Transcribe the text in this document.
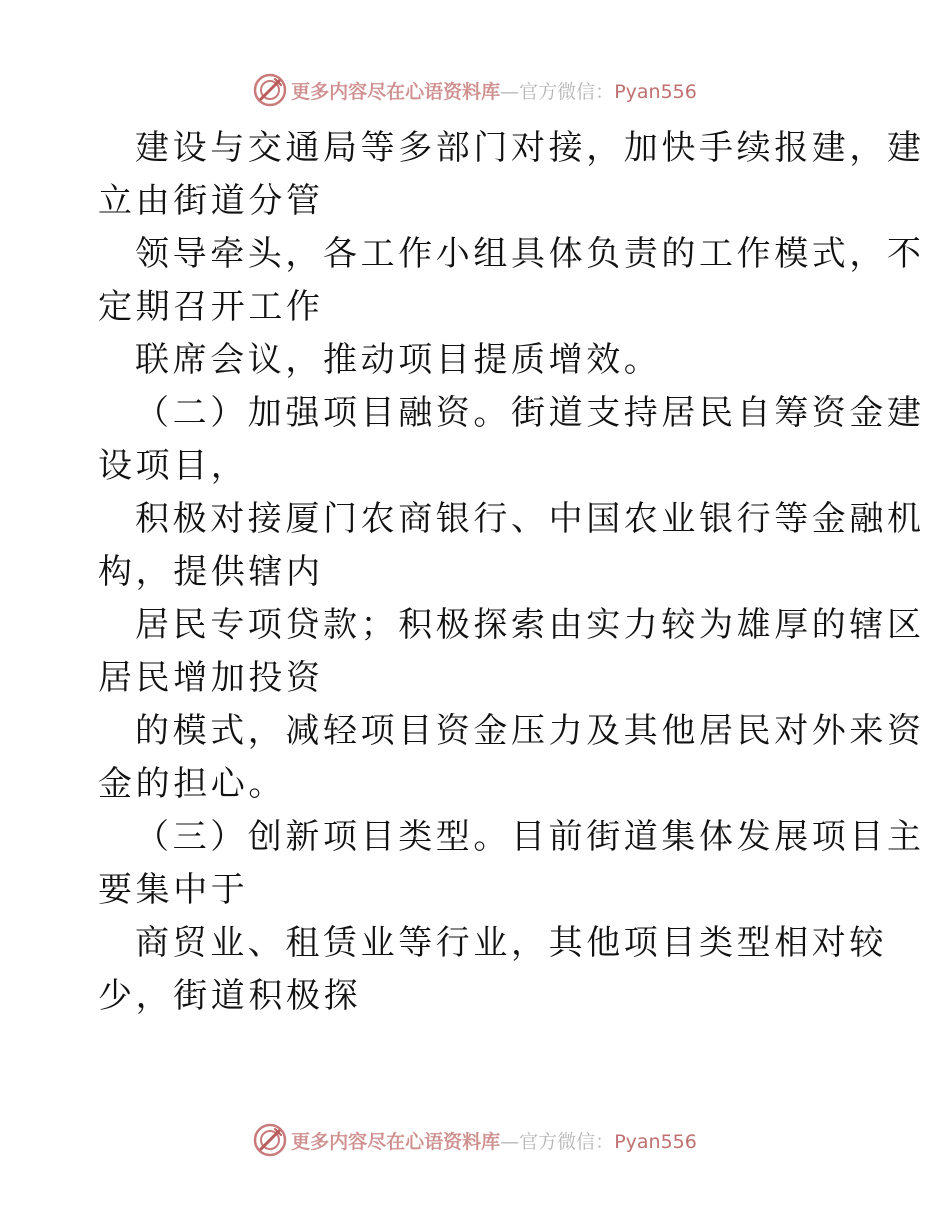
更多内容尽在心语资料库—官方微信：Pyan556
建设与交通局等多部门对接，加快手续报建，建
立由街道分管
领导牵头，各工作小组具体负责的工作模式，不
定期召开工作
联席会议，推动项目提质增效。
（二）加强项目融资。街道支持居民自筹资金建
设项目，
积极对接厦门农商银行、中国农业银行等金融机
构，提供辖内
居民专项贷款；积极探索由实力较为雄厚的辖区
居民增加投资
的模式，减轻项目资金压力及其他居民对外来资
金的担心。
（三）创新项目类型。目前街道集体发展项目主
要集中于
商贸业、租赁业等行业，其他项目类型相对较
少，街道积极探
更多内容尽在心语资料库—官方微信：Pyan556
